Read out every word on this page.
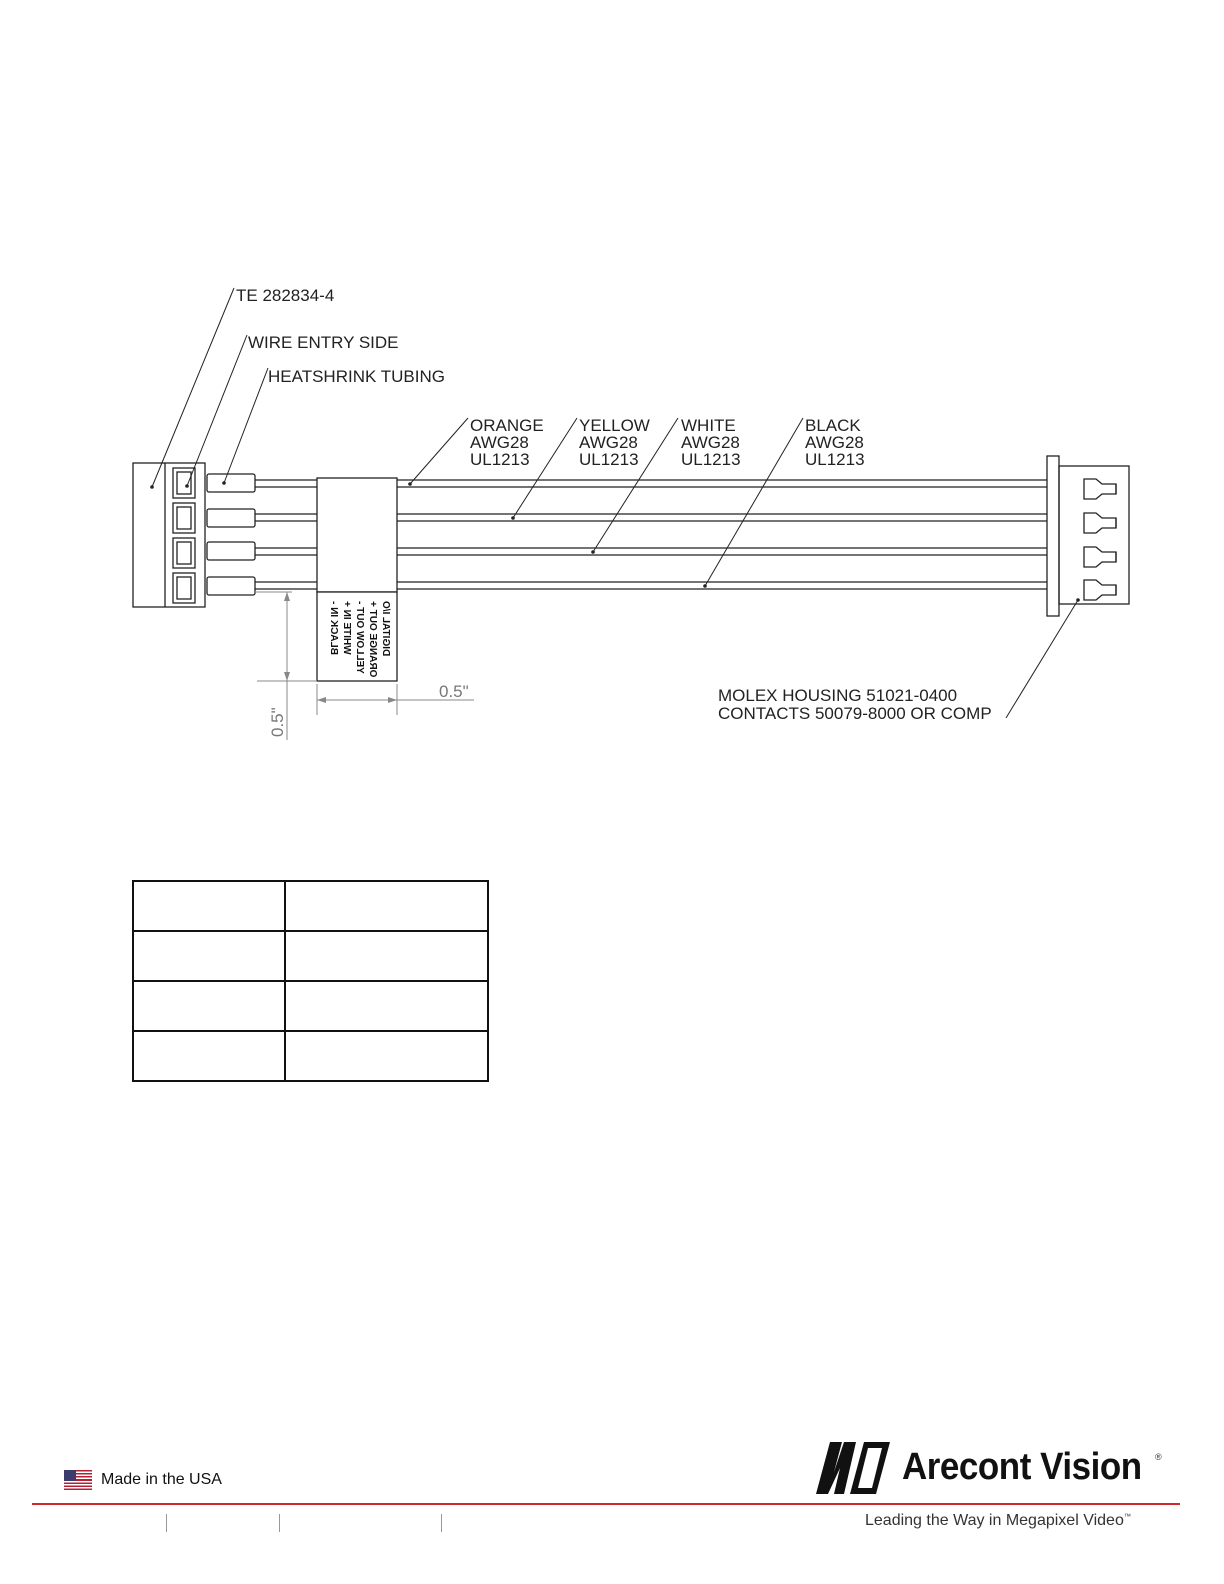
TE 282834-4
WIRE ENTRY SIDE
HEATSHRINK TUBING
ORANGE
AWG28
UL1213
YELLOW
AWG28
UL1213
WHITE
AWG28
UL1213
BLACK
AWG28
UL1213
MOLEX HOUSING 51021-0400
CONTACTS 50079-8000 OR COMP
DIGITAL I/O
ORANGE OUT +
YELLOW OUT -
WHITE IN +
BLACK IN -
0.5"
0.5"

Made in the USA	Arecont Vision ®
Leading the Way in Megapixel Video™
